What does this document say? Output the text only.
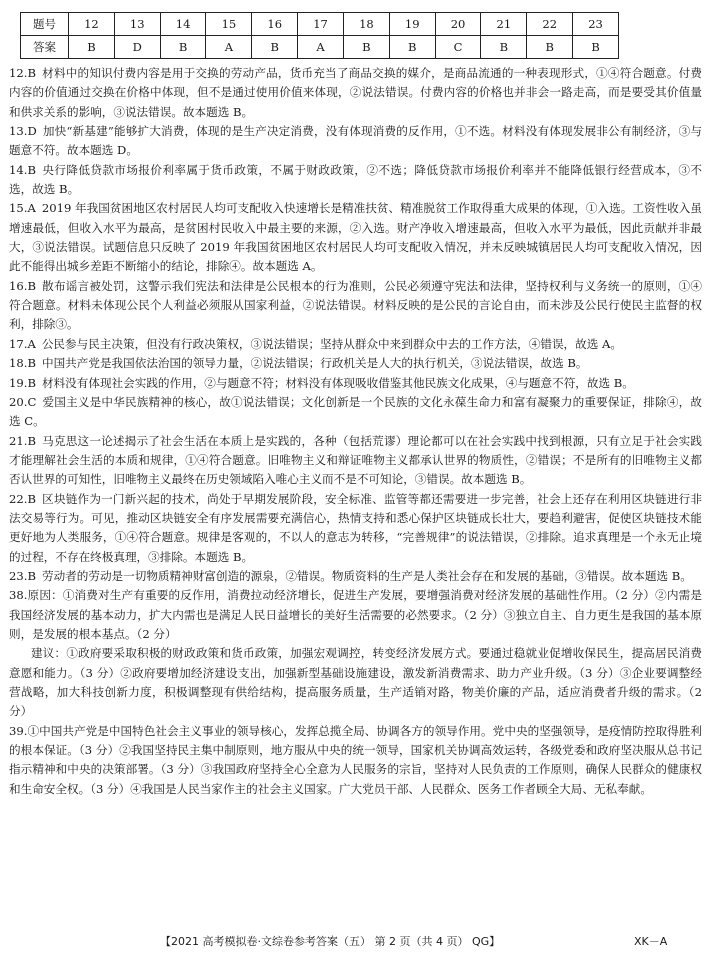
题号	12	13	14	15	16	17	18	19	20	21	22	23
答案	B	D	B	A	B	A	B	B	C	B	B	B

12.B 材料中的知识付费内容是用于交换的劳动产品，货币充当了商品交换的媒介，是商品流通的一种表现形式，①④符合题意。付费内容的价值通过交换在价格中体现，但不是通过使用价值来体现，②说法错误。付费内容的价格也并非会一路走高，而是要受其价值量和供求关系的影响，③说法错误。故本题选 B。

13.D 加快“新基建”能够扩大消费，体现的是生产决定消费，没有体现消费的反作用，①不选。材料没有体现发展非公有制经济，③与题意不符。故本题选 D。

14.B 央行降低贷款市场报价利率属于货币政策，不属于财政政策，②不选；降低贷款市场报价利率并不能降低银行经营成本，③不选，故选 B。

15.A 2019 年我国贫困地区农村居民人均可支配收入快速增长是精准扶贫、精准脱贫工作取得重大成果的体现，①入选。工资性收入虽增速最低，但收入水平为最高，是贫困村民收入中最主要的来源，②入选。财产净收入增速最高，但收入水平为最低，因此贡献并非最大，③说法错误。试题信息只反映了 2019 年我国贫困地区农村居民人均可支配收入情况，并未反映城镇居民人均可支配收入情况，因此不能得出城乡差距不断缩小的结论，排除④。故本题选 A。

16.B 散布谣言被处罚，这警示我们宪法和法律是公民根本的行为准则，公民必须遵守宪法和法律，坚持权利与义务统一的原则，①④符合题意。材料未体现公民个人利益必须服从国家利益，②说法错误。材料反映的是公民的言论自由，而未涉及公民行使民主监督的权利，排除③。

17.A 公民参与民主决策，但没有行政决策权，③说法错误；坚持从群众中来到群众中去的工作方法，④错误，故选 A。

18.B 中国共产党是我国依法治国的领导力量，②说法错误；行政机关是人大的执行机关，③说法错误，故选 B。

19.B 材料没有体现社会实践的作用，②与题意不符；材料没有体现吸收借鉴其他民族文化成果，④与题意不符，故选 B。

20.C 爱国主义是中华民族精神的核心，故①说法错误；文化创新是一个民族的文化永葆生命力和富有凝聚力的重要保证，排除④，故选 C。

21.B 马克思这一论述揭示了社会生活在本质上是实践的，各种（包括荒谬）理论都可以在社会实践中找到根源，只有立足于社会实践才能理解社会生活的本质和规律，①④符合题意。旧唯物主义和辩证唯物主义都承认世界的物质性，②错误；不是所有的旧唯物主义都否认世界的可知性，旧唯物主义最终在历史领域陷入唯心主义而不是不可知论，③错误。故本题选 B。

22.B 区块链作为一门新兴起的技术，尚处于早期发展阶段，安全标准、监管等都还需要进一步完善，社会上还存在利用区块链进行非法交易等行为。可见，推动区块链安全有序发展需要充满信心，热情支持和悉心保护区块链成长壮大，要趋利避害，促使区块链技术能更好地为人类服务，①④符合题意。规律是客观的，不以人的意志为转移，“完善规律”的说法错误，②排除。追求真理是一个永无止境的过程，不存在终极真理，③排除。本题选 B。

23.B 劳动者的劳动是一切物质精神财富创造的源泉，②错误。物质资料的生产是人类社会存在和发展的基础，③错误。故本题选 B。

38.原因：①消费对生产有重要的反作用，消费拉动经济增长，促进生产发展，要增强消费对经济发展的基础性作用。（2 分）②内需是我国经济发展的基本动力，扩大内需也是满足人民日益增长的美好生活需要的必然要求。（2 分）③独立自主、自力更生是我国的基本原则，是发展的根本基点。（2 分）

建议：①政府要采取积极的财政政策和货币政策，加强宏观调控，转变经济发展方式。要通过稳就业促增收保民生，提高居民消费意愿和能力。（3 分）②政府要增加经济建设支出，加强新型基础设施建设，激发新消费需求、助力产业升级。（3 分）③企业要调整经营战略，加大科技创新力度，积极调整现有供给结构，提高服务质量，生产适销对路，物美价廉的产品，适应消费者升级的需求。（2 分）

39.①中国共产党是中国特色社会主义事业的领导核心，发挥总揽全局、协调各方的领导作用。党中央的坚强领导，是疫情防控取得胜利的根本保证。（3 分）②我国坚持民主集中制原则，地方服从中央的统一领导，国家机关协调高效运转，各级党委和政府坚决服从总书记指示精神和中央的决策部署。（3 分）③我国政府坚持全心全意为人民服务的宗旨，坚持对人民负责的工作原则，确保人民群众的健康权和生命安全权。（3 分）④我国是人民当家作主的社会主义国家。广大党员干部、人民群众、医务工作者顾全大局、无私奉献。

【2021 高考模拟卷·文综卷参考答案（五） 第 2 页（共 4 页） QG】	XK－A
